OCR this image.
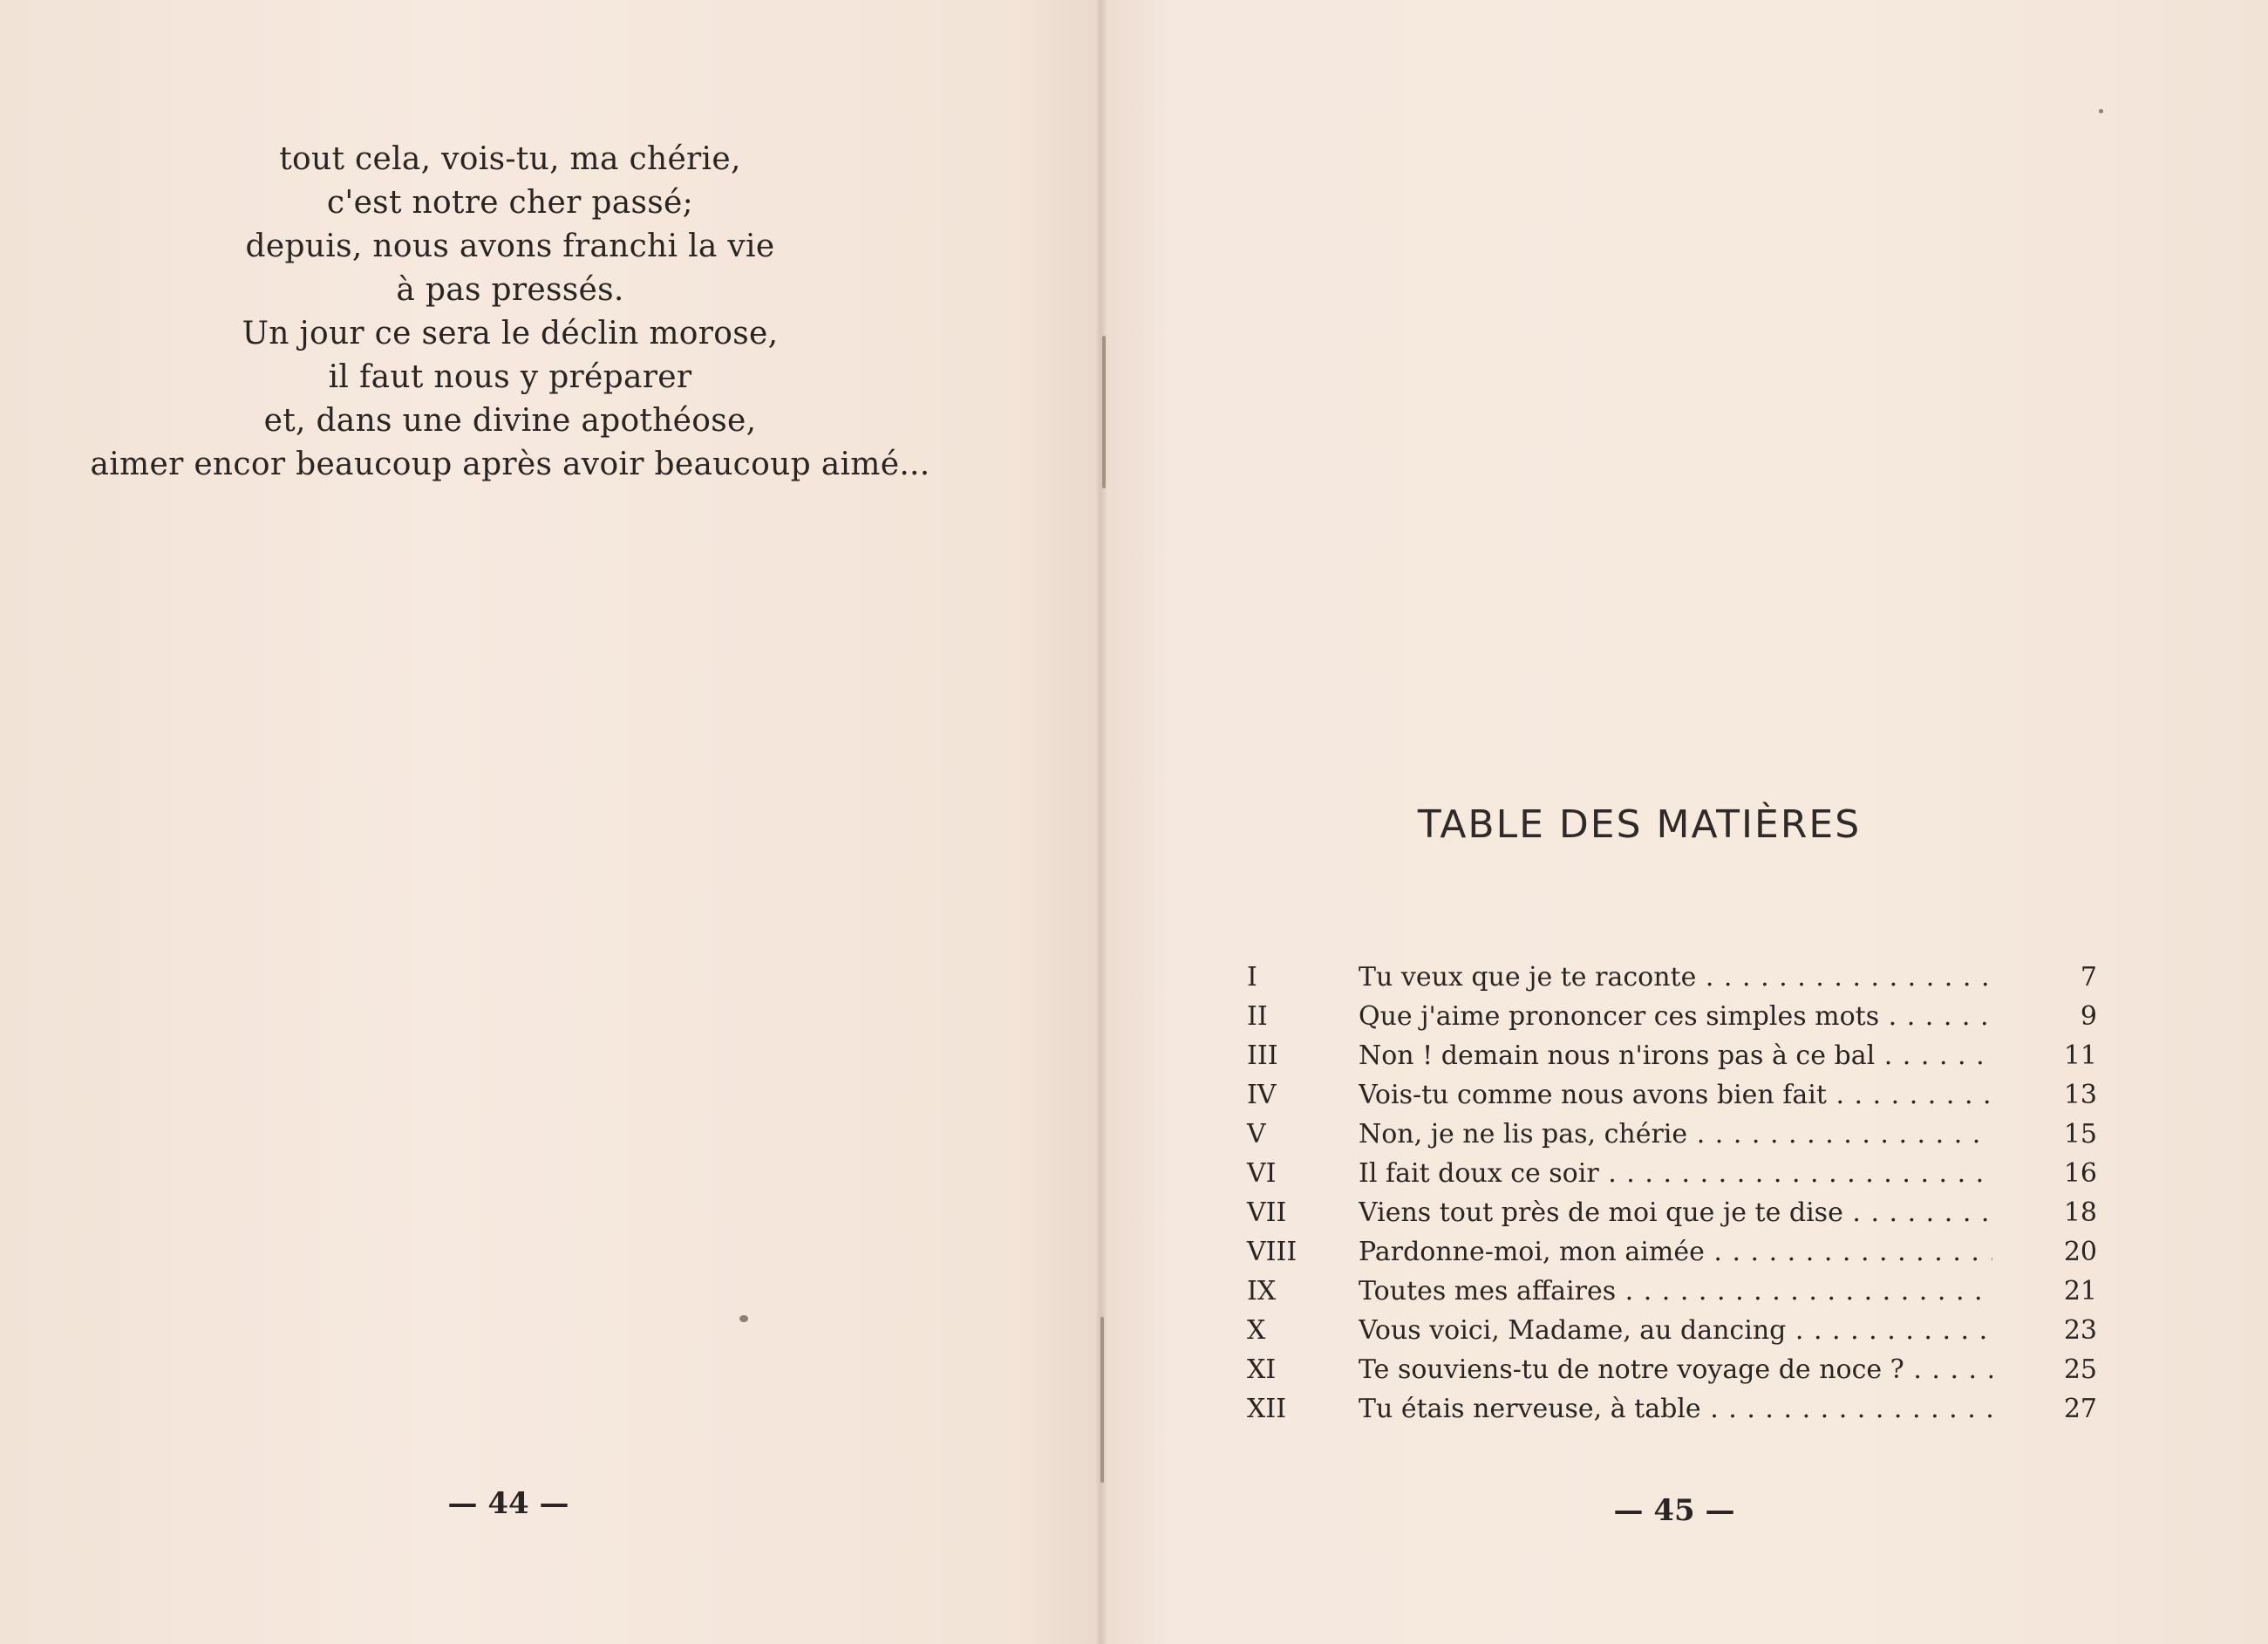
tout cela, vois-tu, ma chérie,
c'est notre cher passé;
depuis, nous avons franchi la vie
à pas pressés.
Un jour ce sera le déclin morose,
il faut nous y préparer
et, dans une divine apothéose,
aimer encor beaucoup après avoir beaucoup aimé...
— 44 —
TABLE DES MATIÈRES
I	Tu veux que je te raconte . . .	7
II	Que j'aime prononcer ces simples mots . . .	9
III	Non ! demain nous n'irons pas à ce bal . . .	11
IV	Vois-tu comme nous avons bien fait . . .	13
V	Non, je ne lis pas, chérie . . .	15
VI	Il fait doux ce soir . . .	16
VII	Viens tout près de moi que je te dise . . .	18
VIII	Pardonne-moi, mon aimée . . .	20
IX	Toutes mes affaires . . .	21
X	Vous voici, Madame, au dancing . . .	23
XI	Te souviens-tu de notre voyage de noce ? . . .	25
XII	Tu étais nerveuse, à table . . .	27
— 45 —
